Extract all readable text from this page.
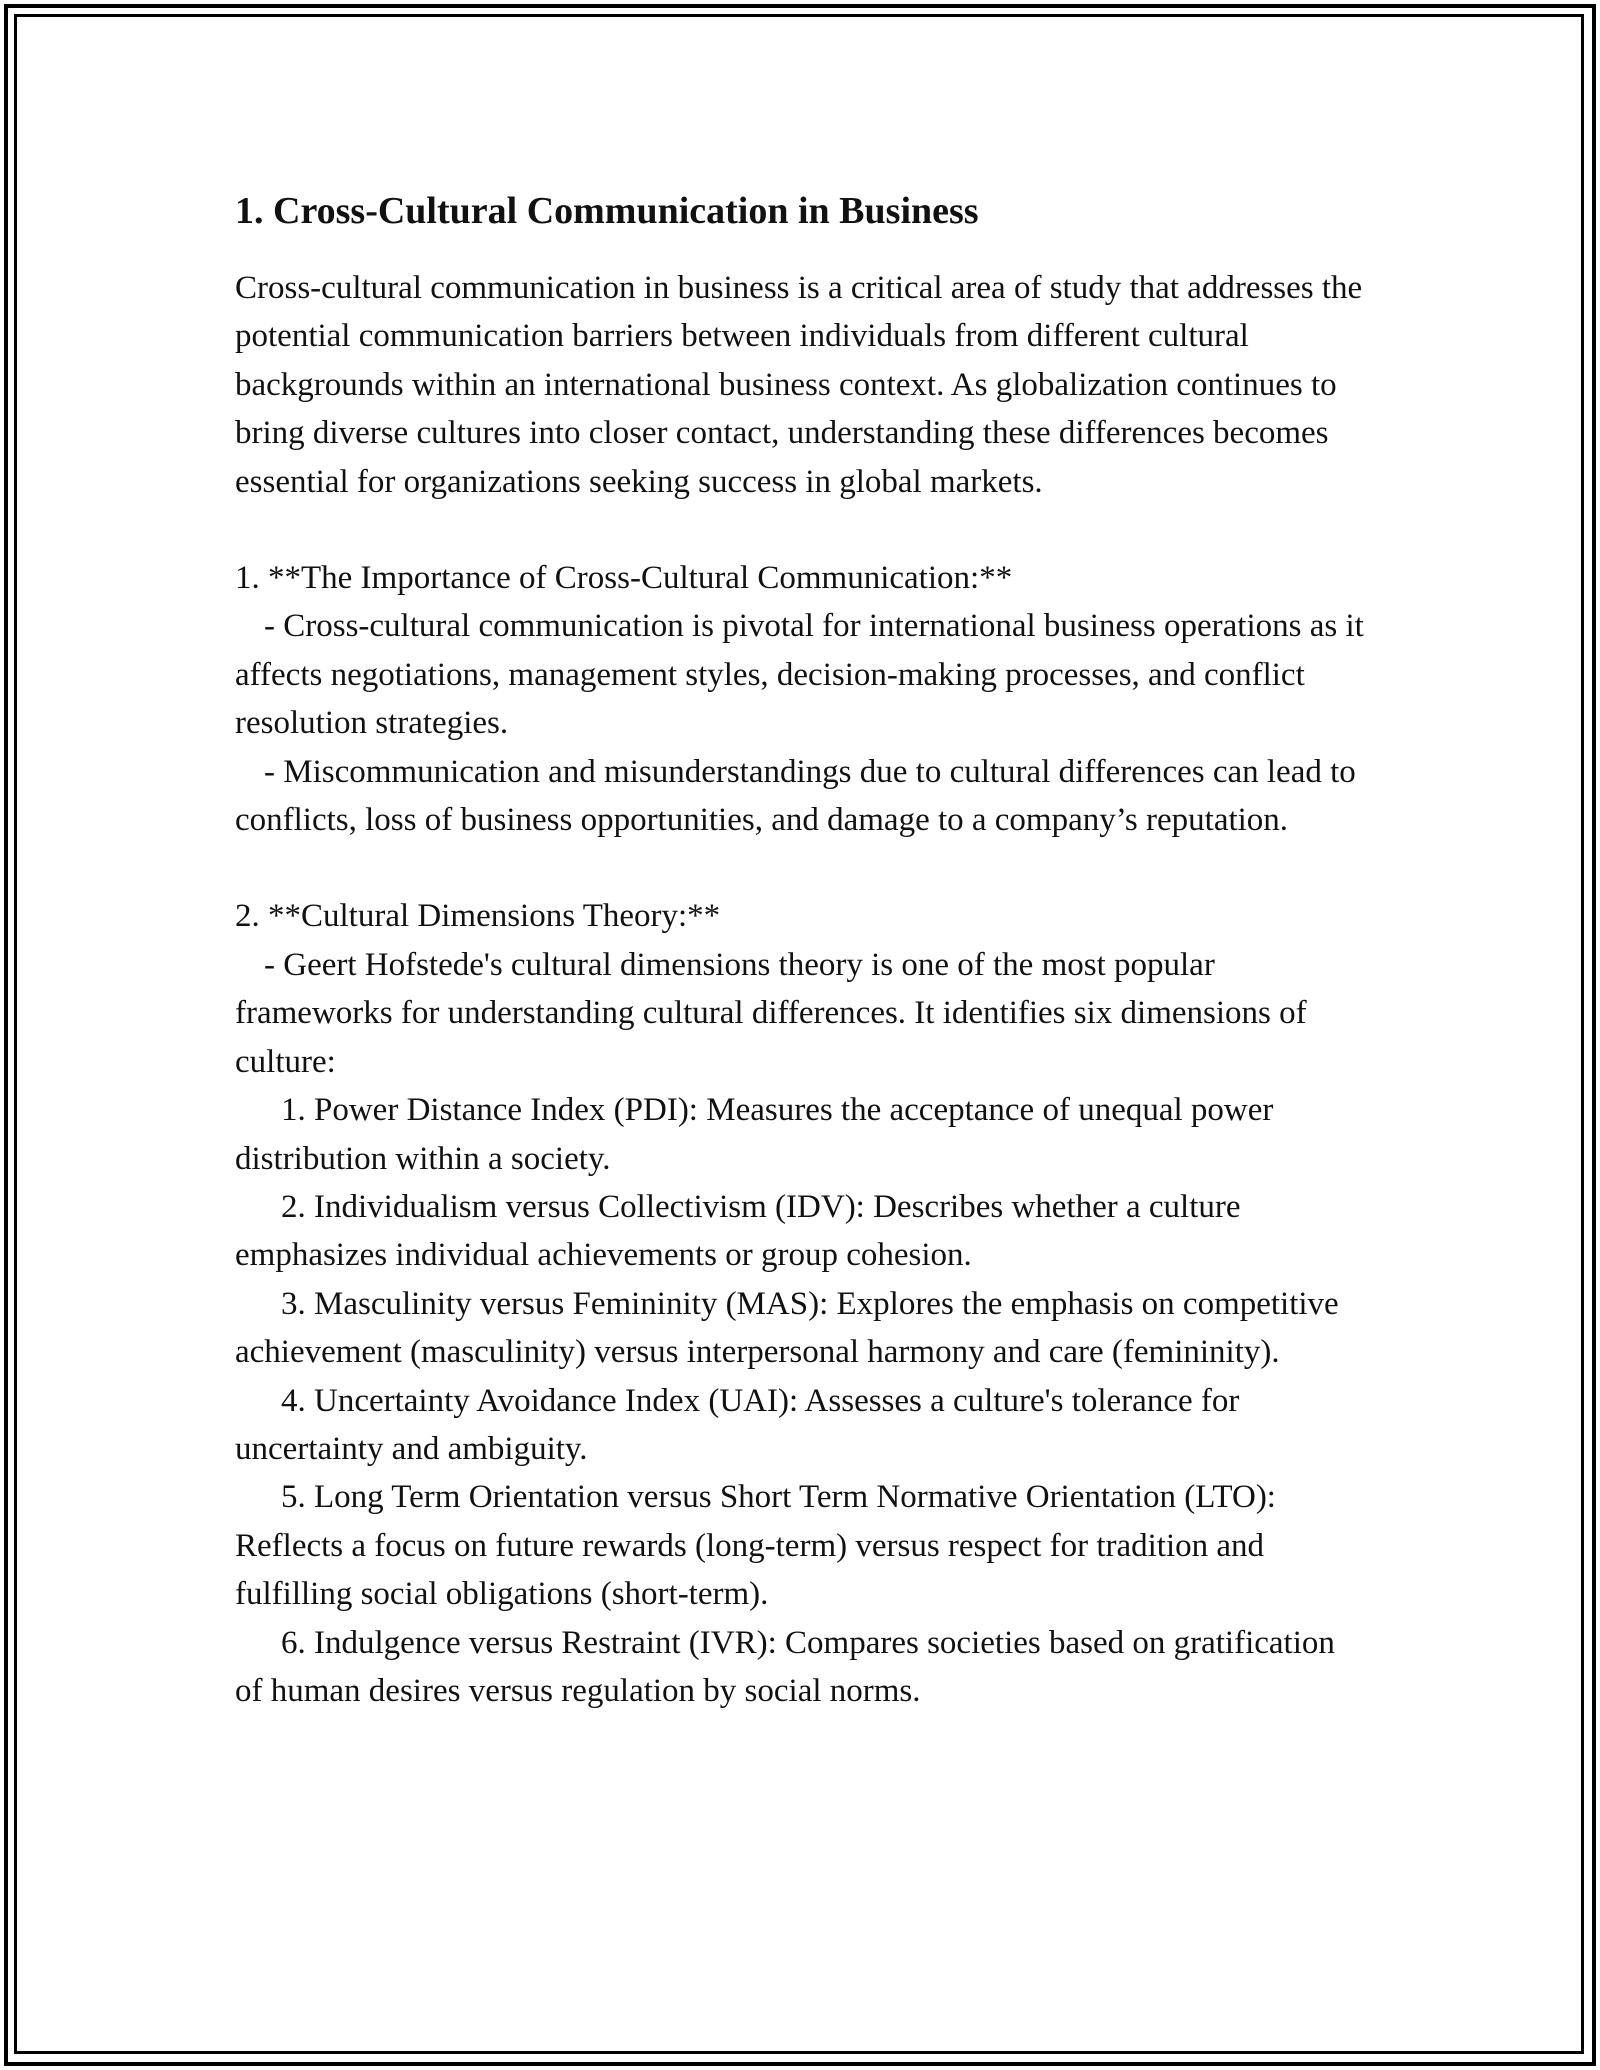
1. Cross-Cultural Communication in Business

Cross-cultural communication in business is a critical area of study that addresses the potential communication barriers between individuals from different cultural backgrounds within an international business context. As globalization continues to bring diverse cultures into closer contact, understanding these differences becomes essential for organizations seeking success in global markets.

1. **The Importance of Cross-Cultural Communication:**

- Cross-cultural communication is pivotal for international business operations as it affects negotiations, management styles, decision-making processes, and conflict resolution strategies.

- Miscommunication and misunderstandings due to cultural differences can lead to conflicts, loss of business opportunities, and damage to a company’s reputation.

2. **Cultural Dimensions Theory:**

- Geert Hofstede's cultural dimensions theory is one of the most popular frameworks for understanding cultural differences. It identifies six dimensions of culture:

1. Power Distance Index (PDI): Measures the acceptance of unequal power distribution within a society.

2. Individualism versus Collectivism (IDV): Describes whether a culture emphasizes individual achievements or group cohesion.

3. Masculinity versus Femininity (MAS): Explores the emphasis on competitive achievement (masculinity) versus interpersonal harmony and care (femininity).

4. Uncertainty Avoidance Index (UAI): Assesses a culture's tolerance for uncertainty and ambiguity.

5. Long Term Orientation versus Short Term Normative Orientation (LTO): Reflects a focus on future rewards (long-term) versus respect for tradition and fulfilling social obligations (short-term).

6. Indulgence versus Restraint (IVR): Compares societies based on gratification of human desires versus regulation by social norms.
